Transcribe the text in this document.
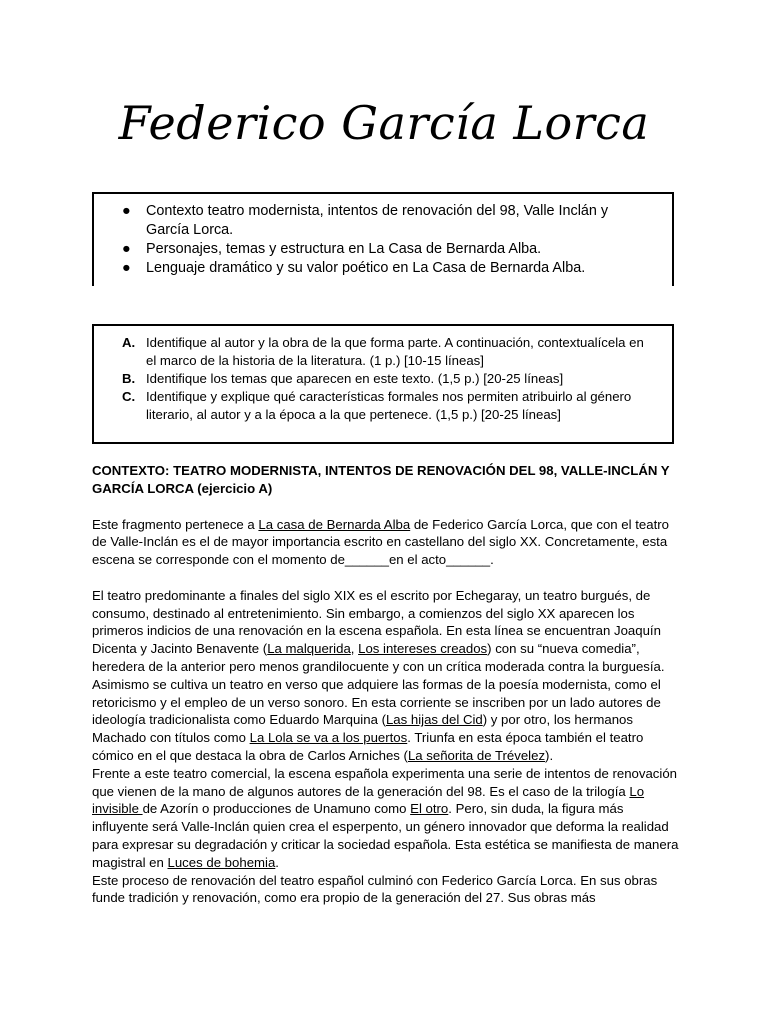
Federico García Lorca
● Contexto teatro modernista, intentos de renovación del 98, Valle Inclán y García Lorca.
● Personajes, temas y estructura en La Casa de Bernarda Alba.
● Lenguaje dramático y su valor poético en La Casa de Bernarda Alba.
A. Identifique al autor y la obra de la que forma parte. A continuación, contextualícela en el marco de la historia de la literatura. (1 p.) [10-15 líneas]
B. Identifique los temas que aparecen en este texto. (1,5 p.) [20-25 líneas]
C. Identifique y explique qué características formales nos permiten atribuirlo al género literario, al autor y a la época a la que pertenece. (1,5 p.) [20-25 líneas]

CONTEXTO: TEATRO MODERNISTA, INTENTOS DE RENOVACIÓN DEL 98, VALLE-INCLÁN Y GARCÍA LORCA (ejercicio A)

Este fragmento pertenece a La casa de Bernarda Alba de Federico García Lorca, que con el teatro de Valle-Inclán es el de mayor importancia escrito en castellano del siglo XX. Concretamente, esta escena se corresponde con el momento de______en el acto______.

El teatro predominante a finales del siglo XIX es el escrito por Echegaray, un teatro burgués, de consumo, destinado al entretenimiento. Sin embargo, a comienzos del siglo XX aparecen los primeros indicios de una renovación en la escena española. En esta línea se encuentran Joaquín Dicenta y Jacinto Benavente (La malquerida, Los intereses creados) con su “nueva comedia”, heredera de la anterior pero menos grandilocuente y con un crítica moderada contra la burguesía. Asimismo se cultiva un teatro en verso que adquiere las formas de la poesía modernista, como el retoricismo y el empleo de un verso sonoro. En esta corriente se inscriben por un lado autores de ideología tradicionalista como Eduardo Marquina (Las hijas del Cid) y por otro, los hermanos Machado con títulos como La Lola se va a los puertos. Triunfa en esta época también el teatro cómico en el que destaca la obra de Carlos Arniches (La señorita de Trévelez).

Frente a este teatro comercial, la escena española experimenta una serie de intentos de renovación que vienen de la mano de algunos autores de la generación del 98. Es el caso de la trilogía Lo invisible de Azorín o producciones de Unamuno como El otro. Pero, sin duda, la figura más influyente será Valle-Inclán quien crea el esperpento, un género innovador que deforma la realidad para expresar su degradación y criticar la sociedad española. Esta estética se manifiesta de manera magistral en Luces de bohemia.

Este proceso de renovación del teatro español culminó con Federico García Lorca. En sus obras funde tradición y renovación, como era propio de la generación del 27. Sus obras más
